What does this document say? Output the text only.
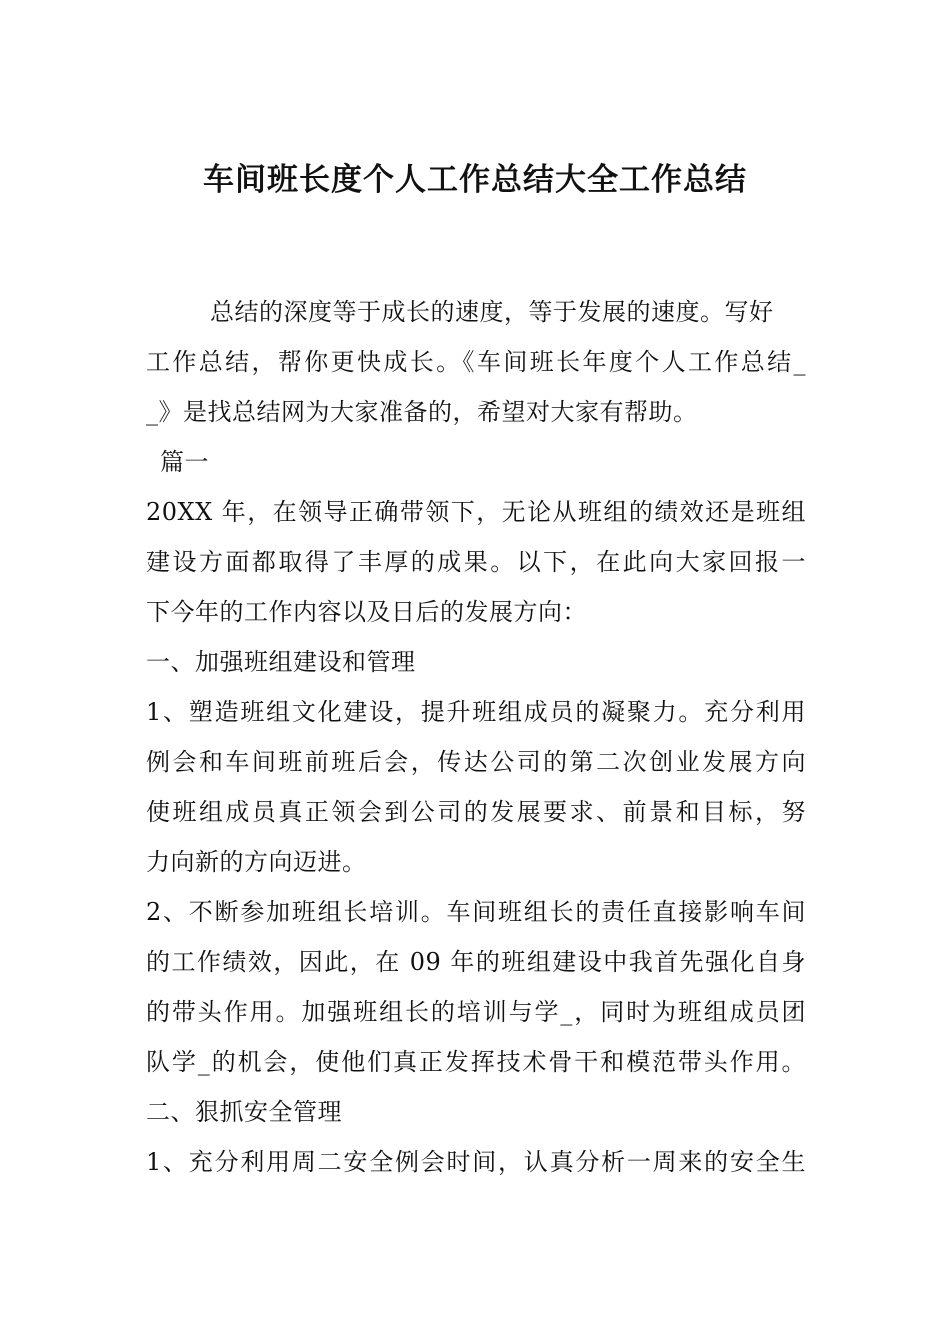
车间班长度个人工作总结大全工作总结
总结的深度等于成长的速度，等于发展的速度。写好
工作总结，帮你更快成长。《车间班长年度个人工作总结_
_》是找总结网为大家准备的，希望对大家有帮助。
篇一
20XX 年，在领导正确带领下，无论从班组的绩效还是班组
建设方面都取得了丰厚的成果。以下，在此向大家回报一
下今年的工作内容以及日后的发展方向：
一、加强班组建设和管理
1、塑造班组文化建设，提升班组成员的凝聚力。充分利用
例会和车间班前班后会，传达公司的第二次创业发展方向
使班组成员真正领会到公司的发展要求、前景和目标，努
力向新的方向迈进。
2、不断参加班组长培训。车间班组长的责任直接影响车间
的工作绩效，因此，在 09 年的班组建设中我首先强化自身
的带头作用。加强班组长的培训与学_，同时为班组成员团
队学_的机会，使他们真正发挥技术骨干和模范带头作用。
二、狠抓安全管理
1、充分利用周二安全例会时间，认真分析一周来的安全生
